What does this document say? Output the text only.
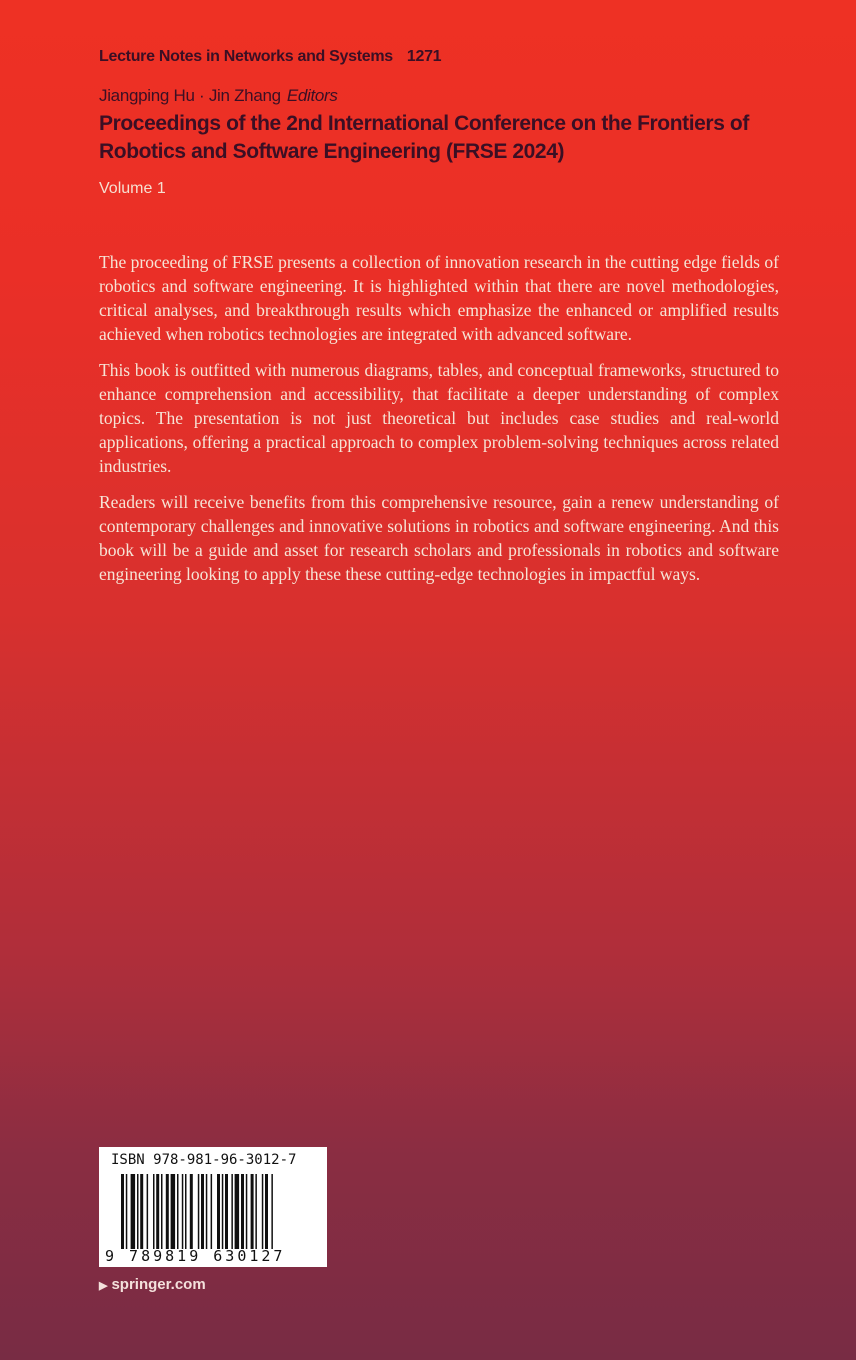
Lecture Notes in Networks and Systems 1271
Jiangping Hu · Jin Zhang Editors
Proceedings of the 2nd International Conference on the Frontiers of Robotics and Software Engineering (FRSE 2024)
Volume 1

The proceeding of FRSE presents a collection of innovation research in the cutting edge fields of robotics and software engineering. It is highlighted within that there are novel methodologies, critical analyses, and breakthrough results which emphasize the enhanced or amplified results achieved when robotics technologies are integrated with advanced software.

This book is outfitted with numerous diagrams, tables, and conceptual frameworks, structured to enhance comprehension and accessibility, that facilitate a deeper understanding of complex topics. The presentation is not just theoretical but includes case studies and real-world applications, offering a practical approach to complex problem-solving techniques across related industries.

Readers will receive benefits from this comprehensive resource, gain a renew understanding of contemporary challenges and innovative solutions in robotics and software engineering. And this book will be a guide and asset for research scholars and professionals in robotics and software engineering looking to apply these these cutting-edge technologies in impactful ways.

ISBN 978-981-96-3012-7
9 789819 630127
▶ springer.com
